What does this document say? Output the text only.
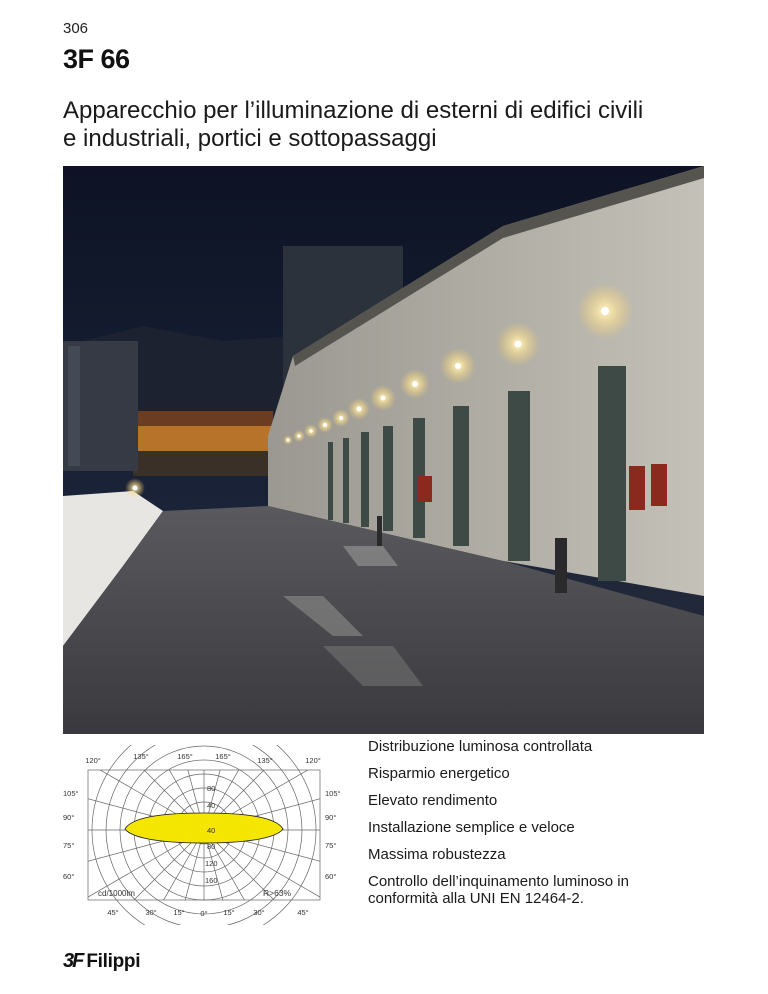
306
3F 66
Apparecchio per l’illuminazione di esterni di edifici civili
e industriali, portici e sottopassaggi
120°	135°	165°	165°	135°	120°
105°
90°
75°
60°
105°
90°
75°
60°
45°	30° 15° 0° 15° 30°	45°
80
40
40
80
120
160
cd/1000lm	R>63%
Distribuzione luminosa controllata
Risparmio energetico
Elevato rendimento
Installazione semplice e veloce
Massima robustezza
Controllo dell’inquinamento luminoso in conformità alla UNI EN 12464-2.
3F Filippi
